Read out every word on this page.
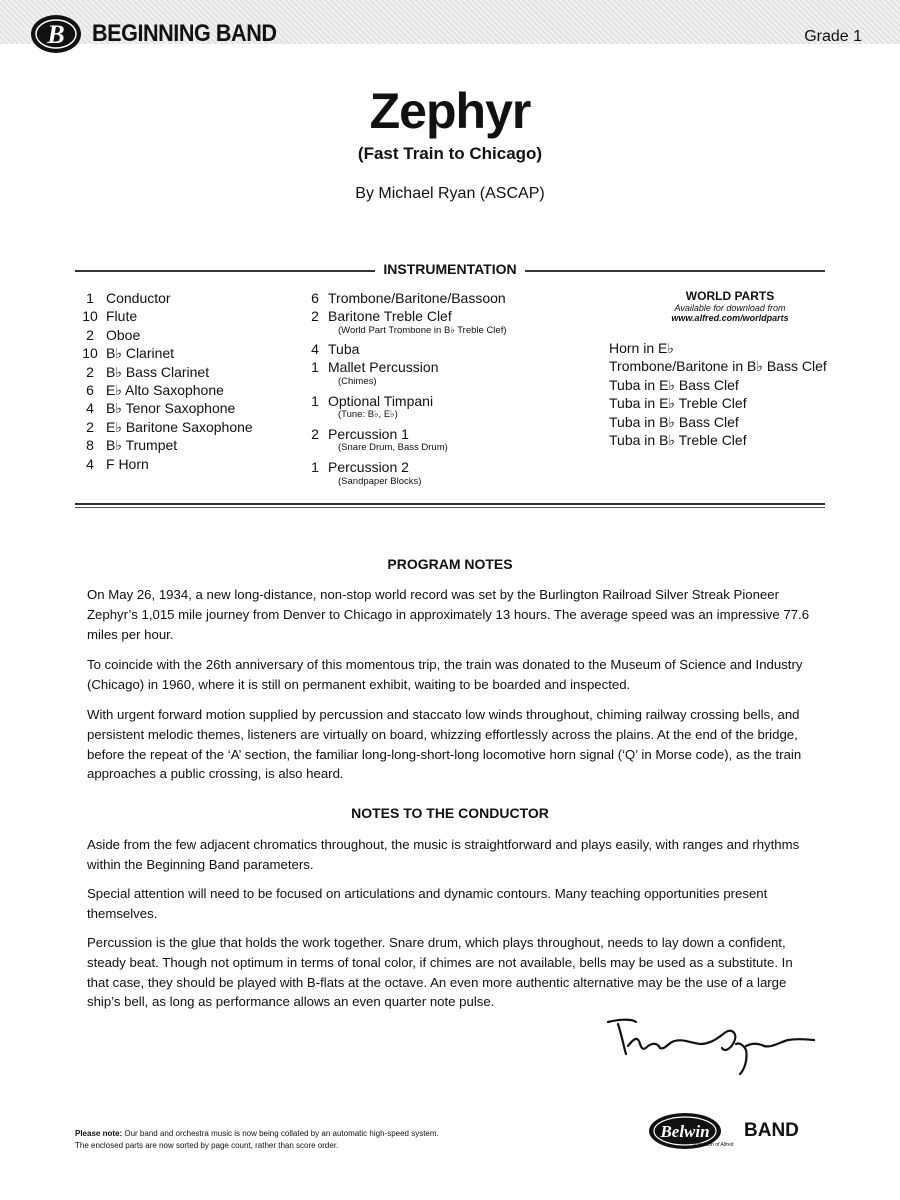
B BEGINNING BAND	Grade 1
Zephyr
(Fast Train to Chicago)
By Michael Ryan (ASCAP)
INSTRUMENTATION
1 Conductor
10 Flute
2 Oboe
10 B♭ Clarinet
2 B♭ Bass Clarinet
6 E♭ Alto Saxophone
4 B♭ Tenor Saxophone
2 E♭ Baritone Saxophone
8 B♭ Trumpet
4 F Horn
6 Trombone/Baritone/Bassoon
2 Baritone Treble Clef
(World Part Trombone in B♭ Treble Clef)
4 Tuba
1 Mallet Percussion
(Chimes)
1 Optional Timpani
(Tune: B♭, E♭)
2 Percussion 1
(Snare Drum, Bass Drum)
1 Percussion 2
(Sandpaper Blocks)
WORLD PARTS
Available for download from
www.alfred.com/worldparts
Horn in E♭
Trombone/Baritone in B♭ Bass Clef
Tuba in E♭ Bass Clef
Tuba in E♭ Treble Clef
Tuba in B♭ Bass Clef
Tuba in B♭ Treble Clef
PROGRAM NOTES
On May 26, 1934, a new long-distance, non-stop world record was set by the Burlington Railroad Silver Streak Pioneer Zephyr’s 1,015 mile journey from Denver to Chicago in approximately 13 hours. The average speed was an impressive 77.6 miles per hour.
To coincide with the 26th anniversary of this momentous trip, the train was donated to the Museum of Science and Industry (Chicago) in 1960, where it is still on permanent exhibit, waiting to be boarded and inspected.
With urgent forward motion supplied by percussion and staccato low winds throughout, chiming railway crossing bells, and persistent melodic themes, listeners are virtually on board, whizzing effortlessly across the plains. At the end of the bridge, before the repeat of the ‘A’ section, the familiar long-long-short-long locomotive horn signal (‘Q’ in Morse code), as the train approaches a public crossing, is also heard.
NOTES TO THE CONDUCTOR
Aside from the few adjacent chromatics throughout, the music is straightforward and plays easily, with ranges and rhythms within the Beginning Band parameters.
Special attention will need to be focused on articulations and dynamic contours. Many teaching opportunities present themselves.
Percussion is the glue that holds the work together. Snare drum, which plays throughout, needs to lay down a confident, steady beat. Though not optimum in terms of tonal color, if chimes are not available, bells may be used as a substitute. In that case, they should be played with B-flats at the octave. An even more authentic alternative may be the use of a large ship’s bell, as long as performance allows an even quarter note pulse.
Please note: Our band and orchestra music is now being collated by an automatic high-speed system.
The enclosed parts are now sorted by page count, rather than score order.
Belwin BAND
a division of Alfred
